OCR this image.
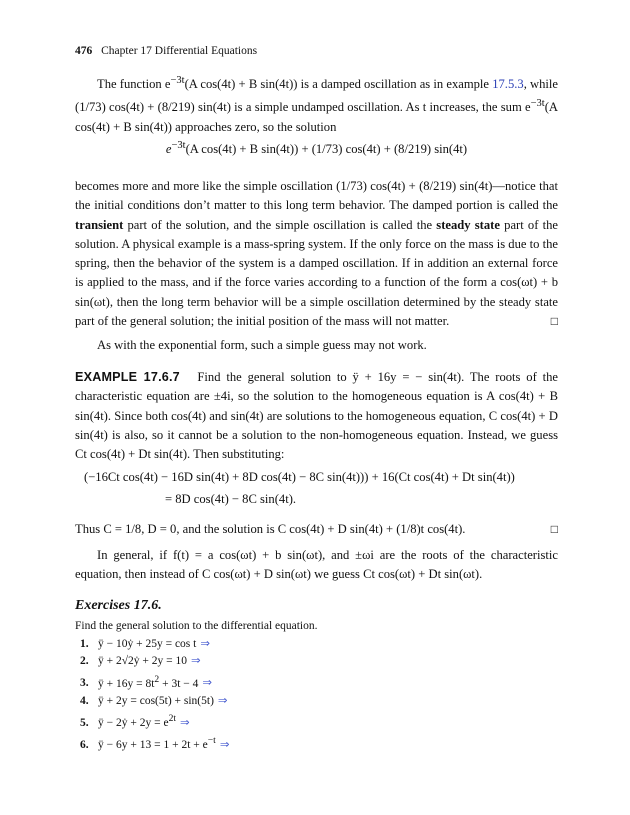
476 Chapter 17 Differential Equations
The function $e^{-3t}(A$ cos(4t) + B sin(4t)) is a damped oscillation as in example 17.5.3, while (1/73) cos(4t) + (8/219) sin(4t) is a simple undamped oscillation. As t increases, the sum $e^{-3t}(A$ cos(4t) + B sin(4t)) approaches zero, so the solution
$e^{-3t}(A$ cos(4t) + B sin(4t)) + (1/73) cos(4t) + (8/219) sin(4t)
becomes more and more like the simple oscillation (1/73) cos(4t) + (8/219) sin(4t)—notice that the initial conditions don’t matter to this long term behavior. The damped portion is called the transient part of the solution, and the simple oscillation is called the steady state part of the solution. A physical example is a mass-spring system. If the only force on the mass is due to the spring, then the behavior of the system is a damped oscillation. If in addition an external force is applied to the mass, and if the force varies according to a function of the form a cos(ωt) + b sin(ωt), then the long term behavior will be a simple oscillation determined by the steady state part of the general solution; the initial position of the mass will not matter.	□
As with the exponential form, such a simple guess may not work.
EXAMPLE 17.6.7 Find the general solution to ÿ + 16y = − sin(4t). The roots of the characteristic equation are ±4i, so the solution to the homogeneous equation is A cos(4t) + B sin(4t). Since both cos(4t) and sin(4t) are solutions to the homogeneous equation, C cos(4t) + D sin(4t) is also, so it cannot be a solution to the non-homogeneous equation. Instead, we guess Ct cos(4t) + Dt sin(4t). Then substituting:
(−16Ct cos(4t) − 16D sin(4t) + 8D cos(4t) − 8C sin(4t))) + 16(Ct cos(4t) + Dt sin(4t))
= 8D cos(4t) − 8C sin(4t).
Thus C = 1/8, D = 0, and the solution is C cos(4t) + D sin(4t) + (1/8)t cos(4t).	□
In general, if f(t) = a cos(ωt) + b sin(ωt), and ±ωi are the roots of the characteristic equation, then instead of C cos(ωt) + D sin(ωt) we guess Ct cos(ωt) + Dt sin(ωt).
Exercises 17.6.
Find the general solution to the differential equation.
1. ÿ − 10ẏ + 25y = cos t ⇒
2. ÿ + 2√2ẏ + 2y = 10 ⇒
3. ÿ + $16y = 8t^2 + 3t - 4$ ⇒
4. ÿ + 2y = cos(5t) + sin(5t) ⇒
5. ÿ − 2ẏ + $2y = e^{2t}$ ⇒
6. ÿ − $6y + 13 = 1 + 2t + e^{-t}$ ⇒
